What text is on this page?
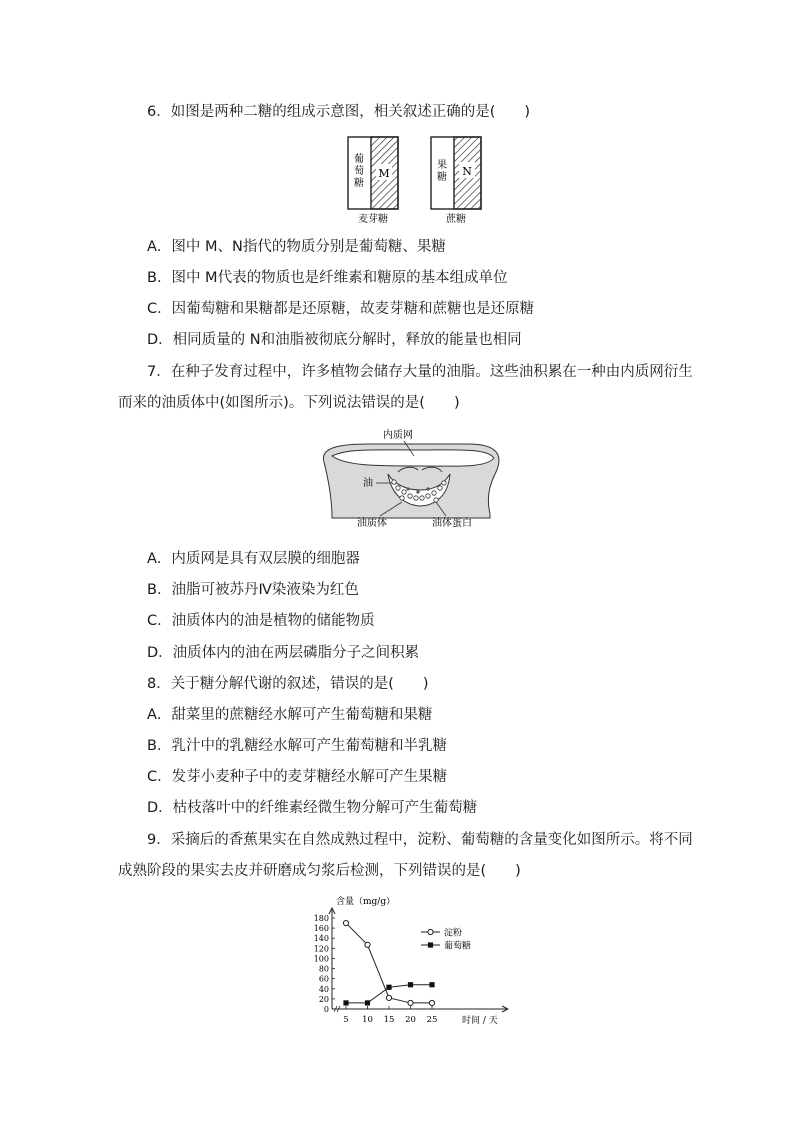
6．如图是两种二糖的组成示意图，相关叙述正确的是(　　)
M
葡
萄
糖
麦芽糖
N
果
糖
蔗糖
A．图中 M、N指代的物质分别是葡萄糖、果糖
B．图中 M代表的物质也是纤维素和糖原的基本组成单位
C．因葡萄糖和果糖都是还原糖，故麦芽糖和蔗糖也是还原糖
D．相同质量的 N和油脂被彻底分解时，释放的能量也相同
7．在种子发育过程中，许多植物会储存大量的油脂。这些油积累在一种由内质网衍生
而来的油质体中(如图所示)。下列说法错误的是(　　)
内质网
油
油质体	油体蛋白
A．内质网是具有双层膜的细胞器
B．油脂可被苏丹Ⅳ染液染为红色
C．油质体内的油是植物的储能物质
D．油质体内的油在两层磷脂分子之间积累
8．关于糖分解代谢的叙述，错误的是(　　)
A．甜菜里的蔗糖经水解可产生葡萄糖和果糖
B．乳汁中的乳糖经水解可产生葡萄糖和半乳糖
C．发芽小麦种子中的麦芽糖经水解可产生果糖
D．枯枝落叶中的纤维素经微生物分解可产生葡萄糖
9．采摘后的香蕉果实在自然成熟过程中，淀粉、葡萄糖的含量变化如图所示。将不同
成熟阶段的果实去皮并研磨成匀浆后检测，下列错误的是(　　)
含量（mg/g）
时间 / 天
淀粉
葡萄糖
0
20
40
60
80
100
120
140
160
180
5 10 15 20 25
